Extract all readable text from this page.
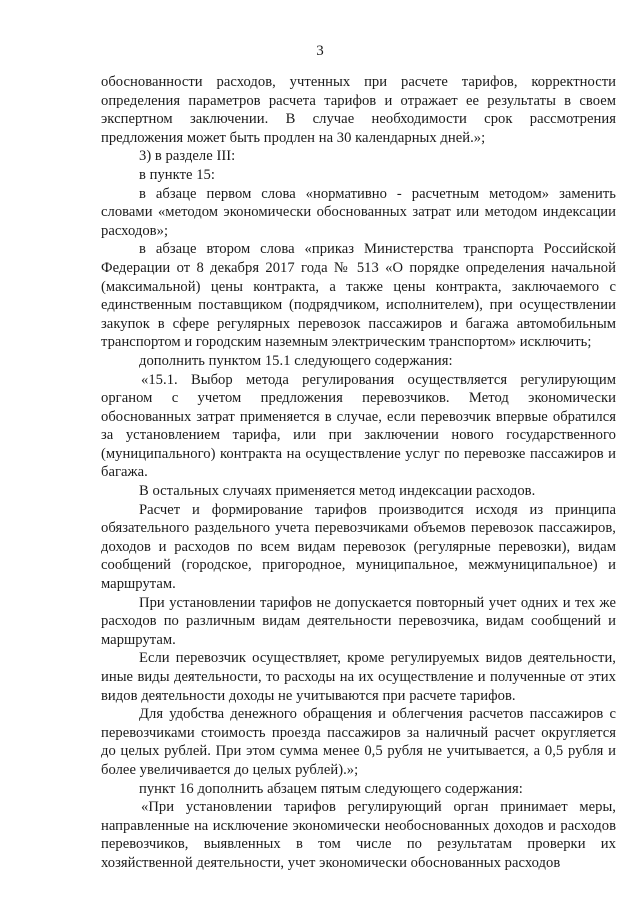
3

обоснованности расходов, учтенных при расчете тарифов, корректности определения параметров расчета тарифов и отражает ее результаты в своем экспертном заключении. В случае необходимости срок рассмотрения предложения может быть продлен на 30 календарных дней.»;

3) в разделе III:

в пункте 15:

в абзаце первом слова «нормативно - расчетным методом» заменить словами «методом экономически обоснованных затрат или методом индексации расходов»;

в абзаце втором слова «приказ Министерства транспорта Российской Федерации от 8 декабря 2017 года № 513 «О порядке определения начальной (максимальной) цены контракта, а также цены контракта, заключаемого с единственным поставщиком (подрядчиком, исполнителем), при осуществлении закупок в сфере регулярных перевозок пассажиров и багажа автомобильным транспортом и городским наземным электрическим транспортом» исключить;

дополнить пунктом 15.1 следующего содержания:

«15.1. Выбор метода регулирования осуществляется регулирующим органом с учетом предложения перевозчиков. Метод экономически обоснованных затрат применяется в случае, если перевозчик впервые обратился за установлением тарифа, или при заключении нового государственного (муниципального) контракта на осуществление услуг по перевозке пассажиров и багажа.

В остальных случаях применяется метод индексации расходов.

Расчет и формирование тарифов производится исходя из принципа обязательного раздельного учета перевозчиками объемов перевозок пассажиров, доходов и расходов по всем видам перевозок (регулярные перевозки), видам сообщений (городское, пригородное, муниципальное, межмуниципальное) и маршрутам.

При установлении тарифов не допускается повторный учет одних и тех же расходов по различным видам деятельности перевозчика, видам сообщений и маршрутам.

Если перевозчик осуществляет, кроме регулируемых видов деятельности, иные виды деятельности, то расходы на их осуществление и полученные от этих видов деятельности доходы не учитываются при расчете тарифов.

Для удобства денежного обращения и облегчения расчетов пассажиров с перевозчиками стоимость проезда пассажиров за наличный расчет округляется до целых рублей. При этом сумма менее 0,5 рубля не учитывается, а 0,5 рубля и более увеличивается до целых рублей).»;

пункт 16 дополнить абзацем пятым следующего содержания:

«При установлении тарифов регулирующий орган принимает меры, направленные на исключение экономически необоснованных доходов и расходов перевозчиков, выявленных в том числе по результатам проверки их хозяйственной деятельности, учет экономически обоснованных расходов
